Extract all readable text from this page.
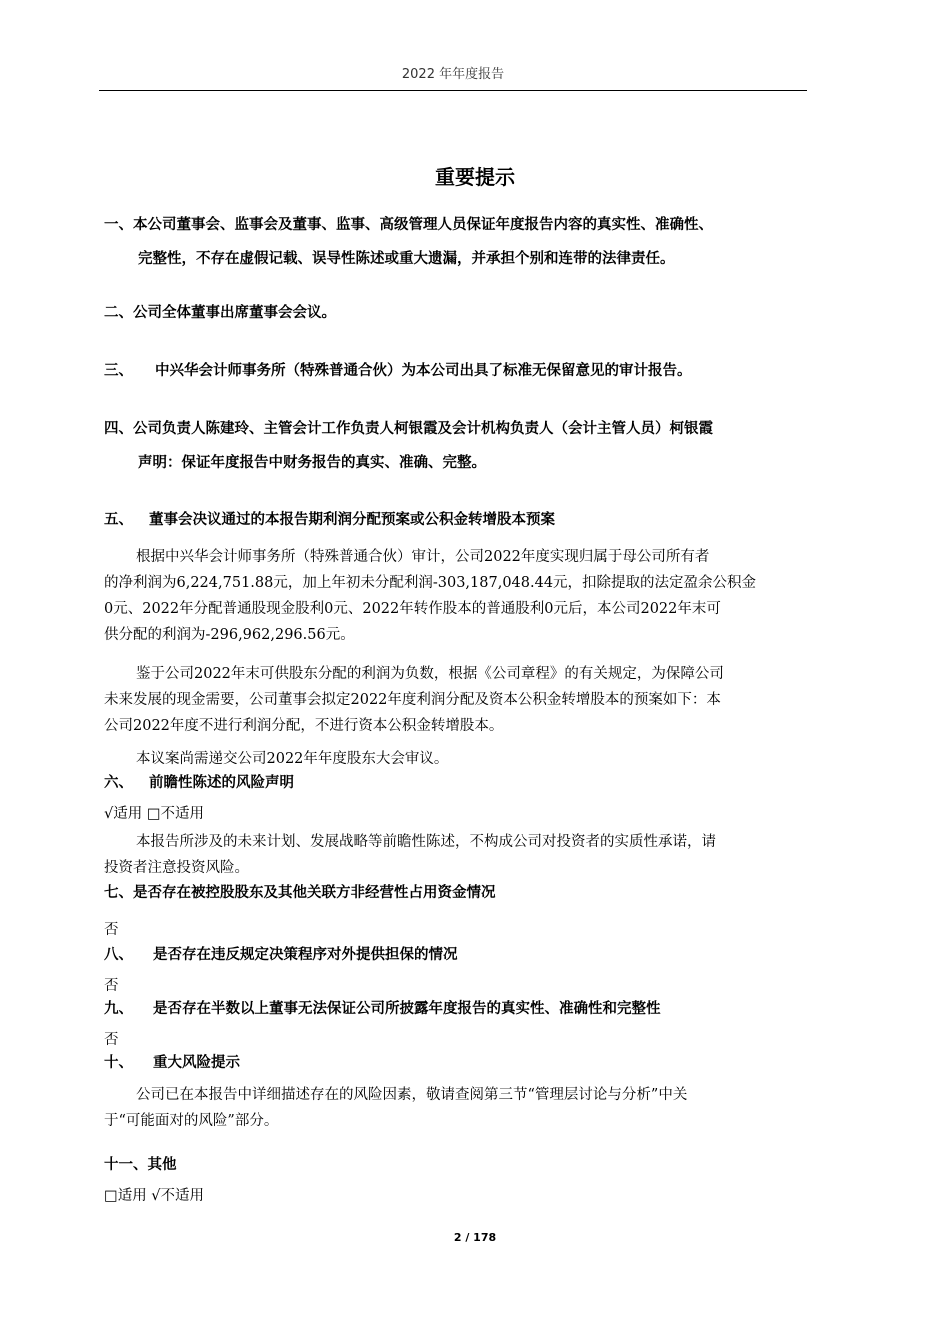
2022 年年度报告
重要提示
一、本公司董事会、监事会及董事、监事、高级管理人员保证年度报告内容的真实性、准确性、
完整性，不存在虚假记载、误导性陈述或重大遗漏，并承担个别和连带的法律责任。
二、公司全体董事出席董事会会议。
三、 中兴华会计师事务所（特殊普通合伙）为本公司出具了标准无保留意见的审计报告。
四、公司负责人陈建玲、主管会计工作负责人柯银霞及会计机构负责人（会计主管人员）柯银霞
声明：保证年度报告中财务报告的真实、准确、完整。
五、 董事会决议通过的本报告期利润分配预案或公积金转增股本预案
根据中兴华会计师事务所（特殊普通合伙）审计，公司2022年度实现归属于母公司所有者
的净利润为6,224,751.88元，加上年初未分配利润-303,187,048.44元，扣除提取的法定盈余公积金
0元、2022年分配普通股现金股利0元、2022年转作股本的普通股利0元后，本公司2022年末可
供分配的利润为-296,962,296.56元。
鉴于公司2022年末可供股东分配的利润为负数，根据《公司章程》的有关规定，为保障公司
未来发展的现金需要，公司董事会拟定2022年度利润分配及资本公积金转增股本的预案如下：本
公司2022年度不进行利润分配，不进行资本公积金转增股本。
本议案尚需递交公司2022年年度股东大会审议。
六、 前瞻性陈述的风险声明
√适用 □不适用
本报告所涉及的未来计划、发展战略等前瞻性陈述，不构成公司对投资者的实质性承诺，请
投资者注意投资风险。
七、是否存在被控股股东及其他关联方非经营性占用资金情况
否
八、 是否存在违反规定决策程序对外提供担保的情况
否
九、 是否存在半数以上董事无法保证公司所披露年度报告的真实性、准确性和完整性
否
十、 重大风险提示
公司已在本报告中详细描述存在的风险因素，敬请查阅第三节“管理层讨论与分析”中关
于“可能面对的风险”部分。
十一、其他
□适用 √不适用
2 / 178
